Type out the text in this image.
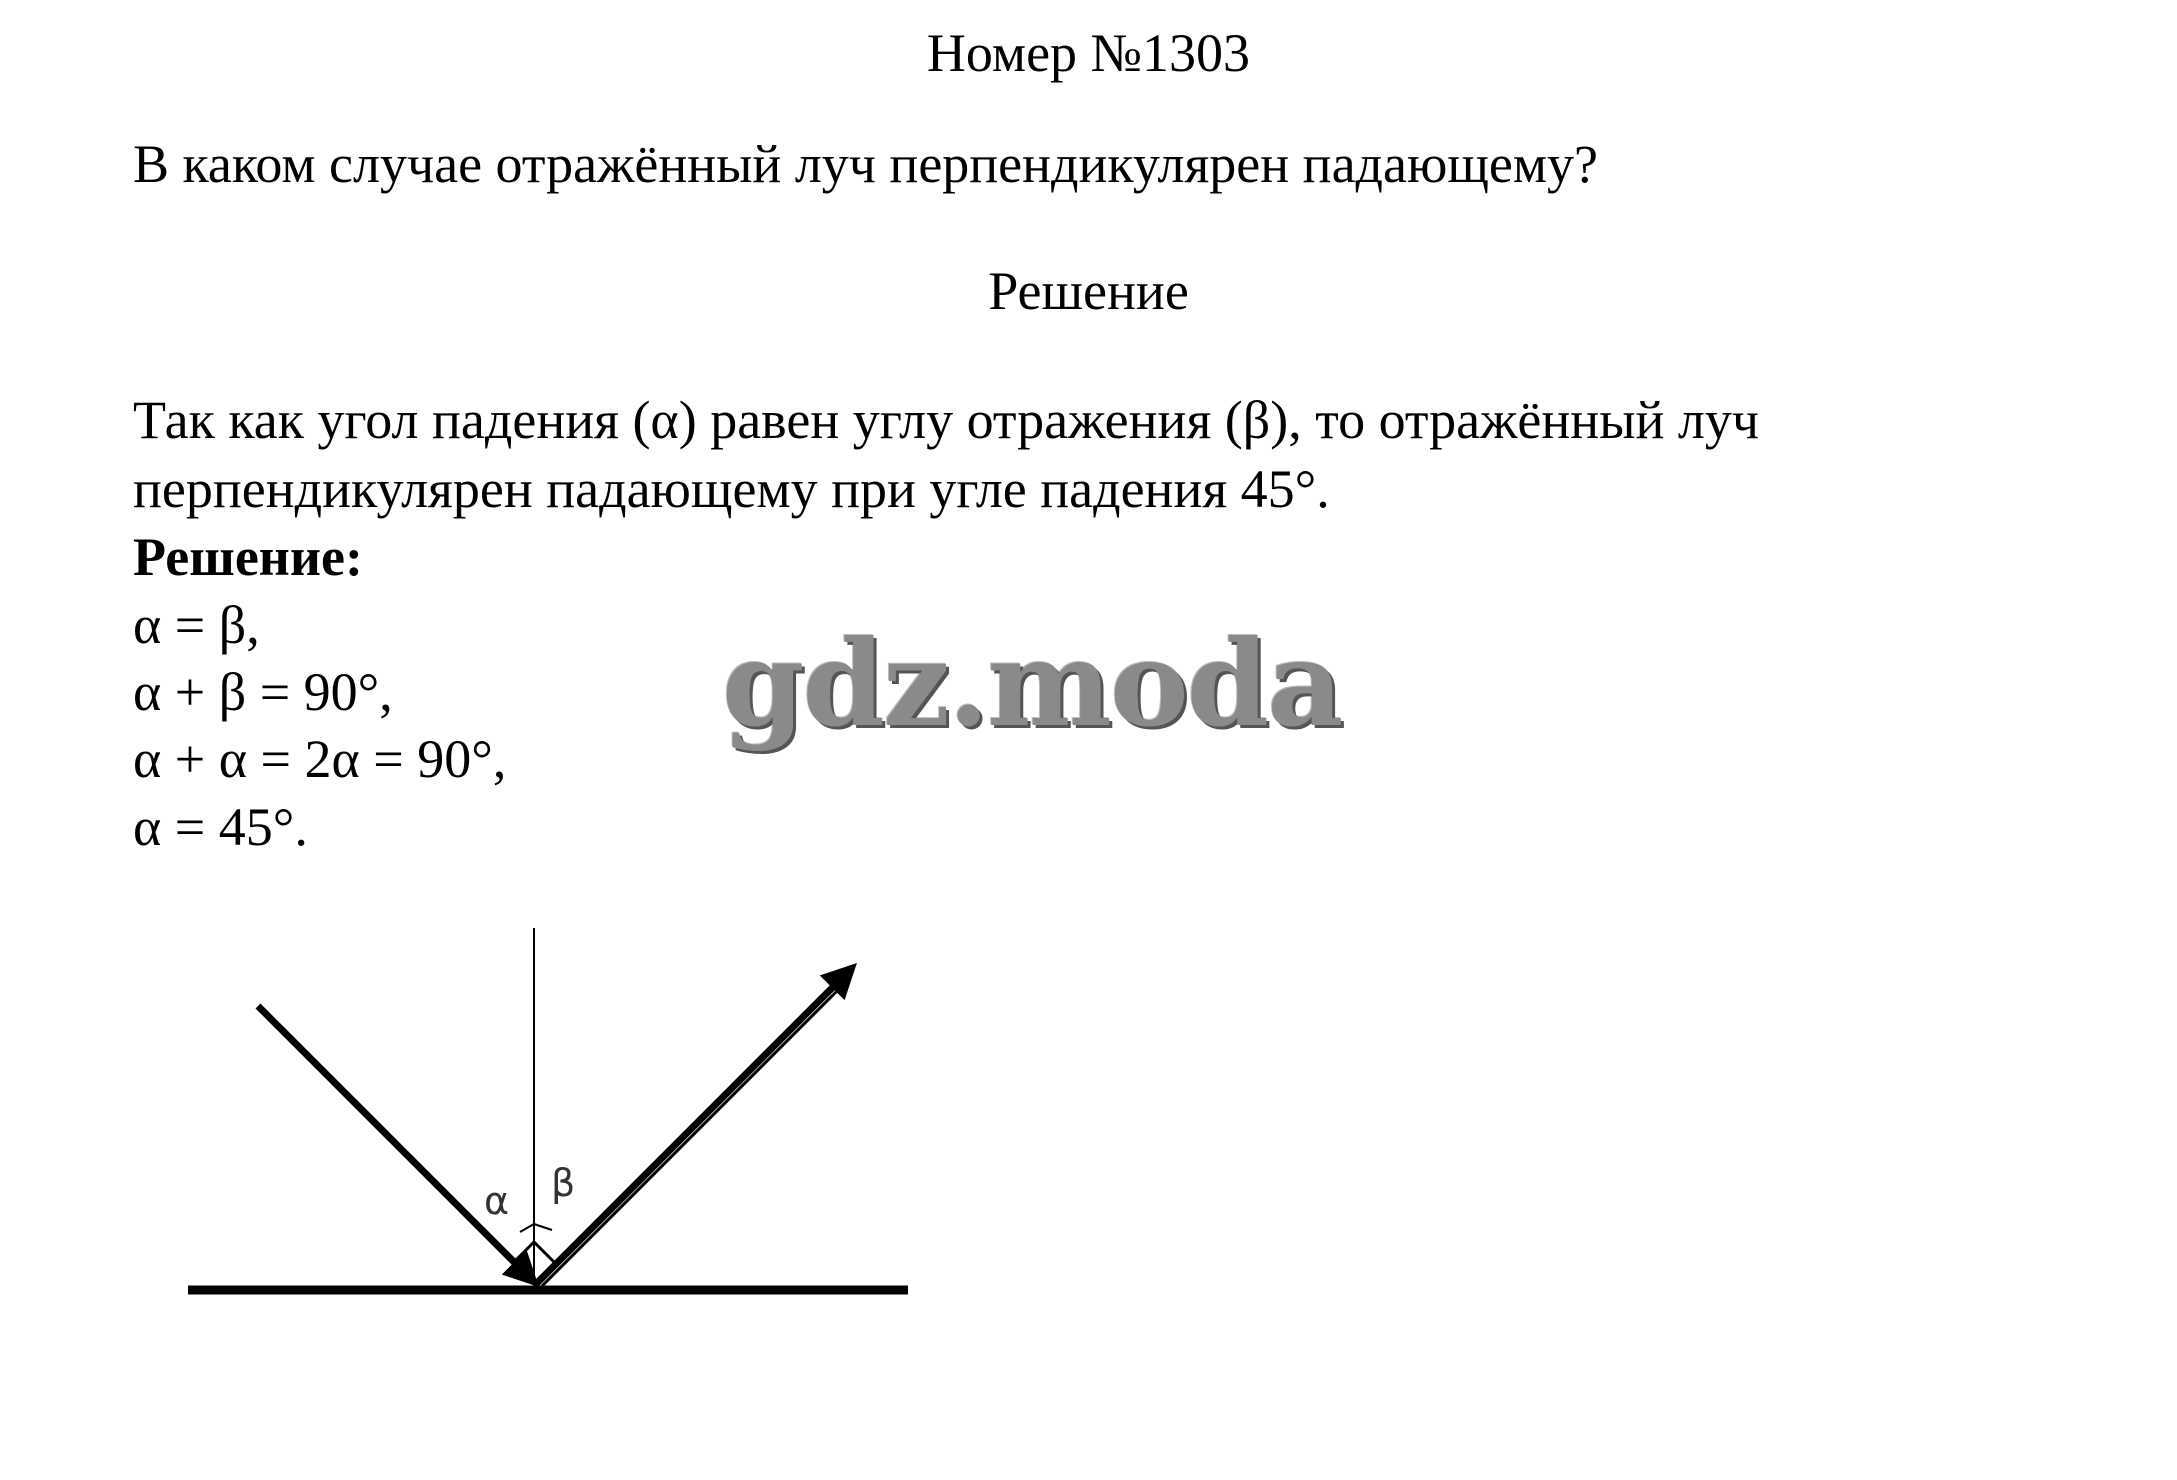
Номер №1303
В каком случае отражённый луч перпендикулярен падающему?
Решение
Так как угол падения (α) равен углу отражения (β), то отражённый луч
перпендикулярен падающему при угле падения 45°.
Решение:
α = β,
α + β = 90°,
α + α = 2α = 90°,
α = 45°.
gdz.moda
α β
